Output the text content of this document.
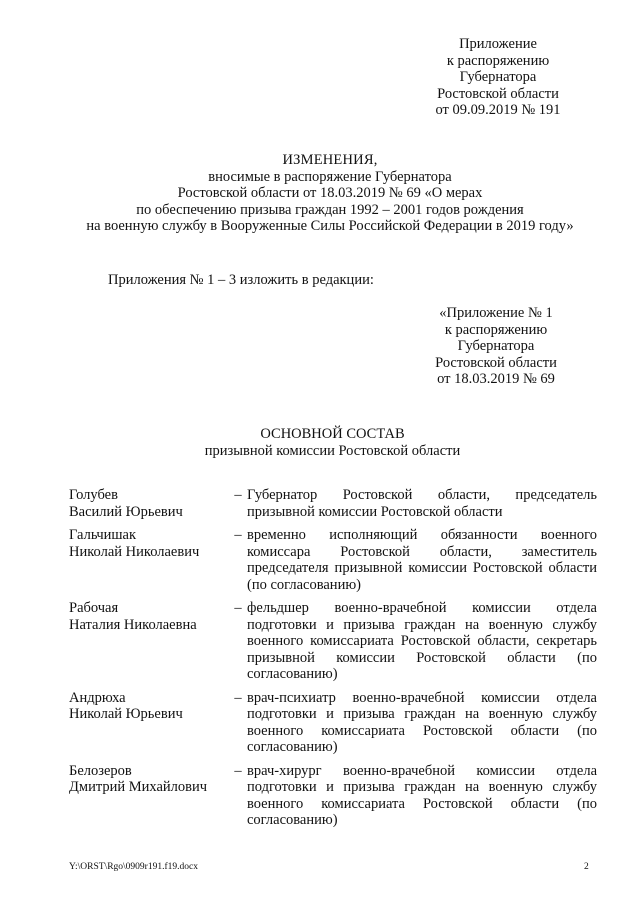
Приложение
к распоряжению
Губернатора
Ростовской области
от 09.09.2019 № 191
ИЗМЕНЕНИЯ,
вносимые в распоряжение Губернатора
Ростовской области от 18.03.2019 № 69 «О мерах
по обеспечению призыва граждан 1992 – 2001 годов рождения
на военную службу в Вооруженные Силы Российской Федерации в 2019 году»
Приложения № 1 – 3 изложить в редакции:
«Приложение № 1
к распоряжению
Губернатора
Ростовской области
от 18.03.2019 № 69
ОСНОВНОЙ СОСТАВ
призывной комиссии Ростовской области
Голубев
Василий Юрьевич
– Губернатор Ростовской области, председатель призывной комиссии Ростовской области
Гальчишак
Николай Николаевич
– временно исполняющий обязанности военного комиссара Ростовской области, заместитель председателя призывной комиссии Ростовской области (по согласованию)
Рабочая
Наталия Николаевна
– фельдшер военно-врачебной комиссии отдела подготовки и призыва граждан на военную службу военного комиссариата Ростовской области, секретарь призывной комиссии Ростовской области (по согласованию)
Андрюха
Николай Юрьевич
– врач-психиатр военно-врачебной комиссии отдела подготовки и призыва граждан на военную службу военного комиссариата Ростовской области (по согласованию)
Белозеров
Дмитрий Михайлович
– врач-хирург военно-врачебной комиссии отдела подготовки и призыва граждан на военную службу военного комиссариата Ростовской области (по согласованию)
Y:\ORST\Rgo\0909r191.f19.docx	2
